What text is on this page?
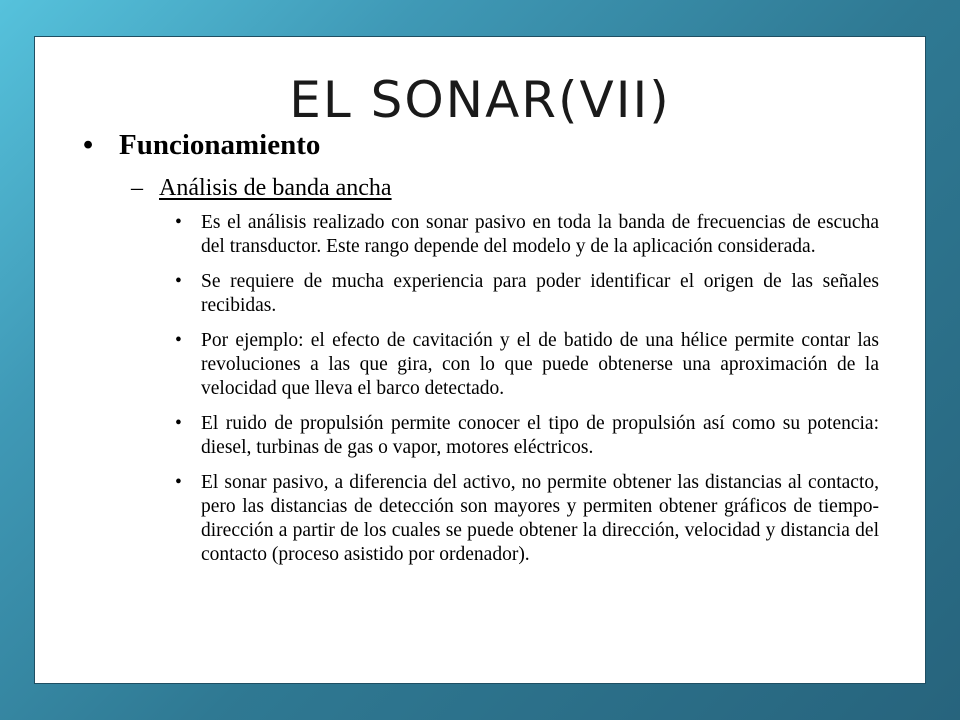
EL SONAR(VII)
• Funcionamiento
– Análisis de banda ancha
• Es el análisis realizado con sonar pasivo en toda la banda de frecuencias de escucha del transductor. Este rango depende del modelo y de la aplicación considerada.
• Se requiere de mucha experiencia para poder identificar el origen de las señales recibidas.
• Por ejemplo: el efecto de cavitación y el de batido de una hélice permite contar las revoluciones a las que gira, con lo que puede obtenerse una aproximación de la velocidad que lleva el barco detectado.
• El ruido de propulsión permite conocer el tipo de propulsión así como su potencia: diesel, turbinas de gas o vapor, motores eléctricos.
• El sonar pasivo, a diferencia del activo, no permite obtener las distancias al contacto, pero las distancias de detección son mayores y permiten obtener gráficos de tiempo-dirección a partir de los cuales se puede obtener la dirección, velocidad y distancia del contacto (proceso asistido por ordenador).
